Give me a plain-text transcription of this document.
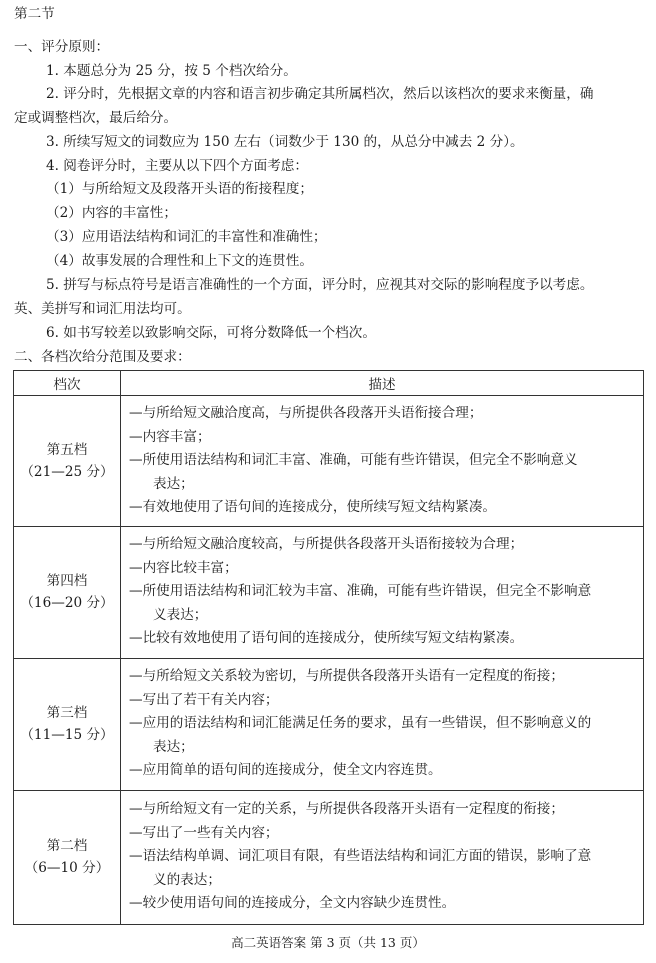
第二节
一、评分原则：
1. 本题总分为 25 分，按 5 个档次给分。
2. 评分时，先根据文章的内容和语言初步确定其所属档次，然后以该档次的要求来衡量，确
定或调整档次，最后给分。
3. 所续写短文的词数应为 150 左右（词数少于 130 的，从总分中减去 2 分）。
4. 阅卷评分时，主要从以下四个方面考虑：
（1）与所给短文及段落开头语的衔接程度；
（2）内容的丰富性；
（3）应用语法结构和词汇的丰富性和准确性；
（4）故事发展的合理性和上下文的连贯性。
5. 拼写与标点符号是语言准确性的一个方面，评分时，应视其对交际的影响程度予以考虑。
英、美拼写和词汇用法均可。
6. 如书写较差以致影响交际，可将分数降低一个档次。
二、各档次给分范围及要求：
档次	描述

第五档
（21—25 分）	—与所给短文融洽度高，与所提供各段落开头语衔接合理；
—内容丰富；
—所使用语法结构和词汇丰富、准确，可能有些许错误，但完全不影响意义
表达；
—有效地使用了语句间的连接成分，使所续写短文结构紧凑。

第四档
（16—20 分）	—与所给短文融洽度较高，与所提供各段落开头语衔接较为合理；
—内容比较丰富；
—所使用语法结构和词汇较为丰富、准确，可能有些许错误，但完全不影响意
义表达；
—比较有效地使用了语句间的连接成分，使所续写短文结构紧凑。

第三档
（11—15 分）	—与所给短文关系较为密切，与所提供各段落开头语有一定程度的衔接；
—写出了若干有关内容；
—应用的语法结构和词汇能满足任务的要求，虽有一些错误，但不影响意义的
表达；
—应用简单的语句间的连接成分，使全文内容连贯。

第二档
（6—10 分）	—与所给短文有一定的关系，与所提供各段落开头语有一定程度的衔接；
—写出了一些有关内容；
—语法结构单调、词汇项目有限，有些语法结构和词汇方面的错误，影响了意
义的表达；
—较少使用语句间的连接成分，全文内容缺少连贯性。
高二英语答案 第 3 页（共 13 页）
